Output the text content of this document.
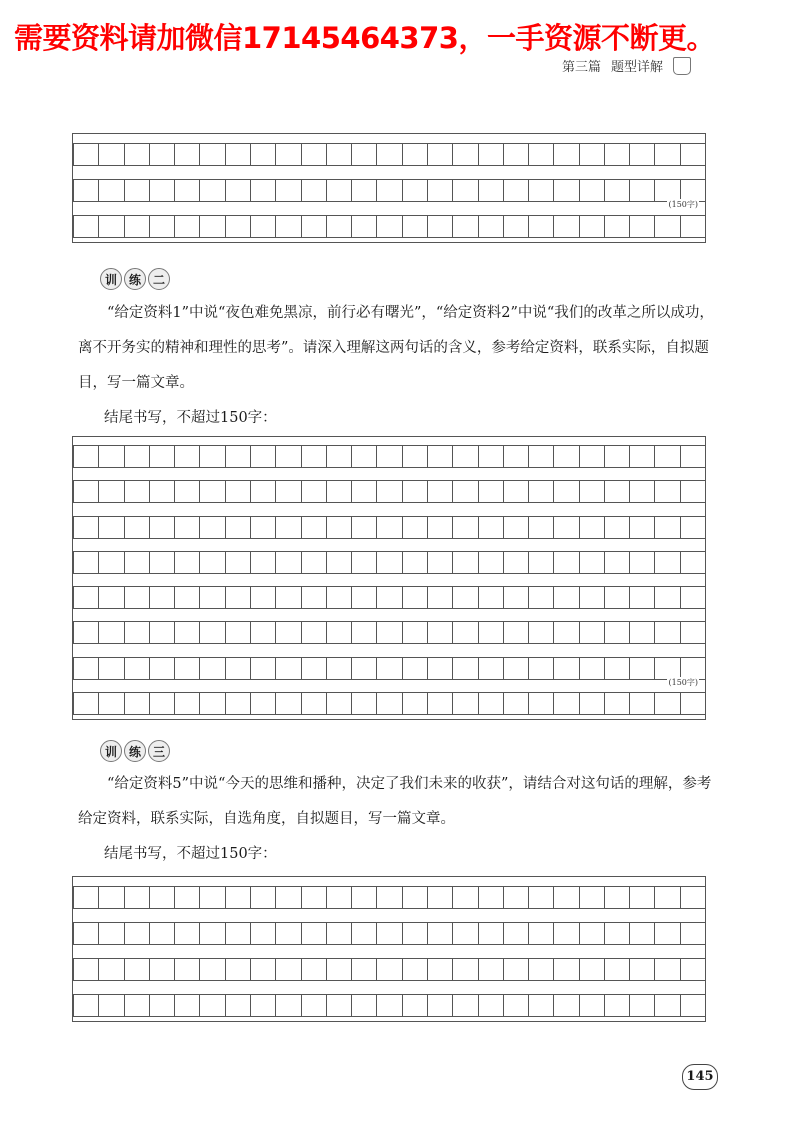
需要资料请加微信17145464373，一手资源不断更。
第三篇 题型详解
(150字)
训 练 二
“给定资料1”中说“夜色难免黑凉，前行必有曙光”，“给定资料2”中说“我们的改革之所以成功，离不开务实的精神和理性的思考”。请深入理解这两句话的含义，参考给定资料，联系实际，自拟题目，写一篇文章。
结尾书写，不超过150字：
(150字)
训 练 三
“给定资料5”中说“今天的思维和播种，决定了我们未来的收获”，请结合对这句话的理解，参考给定资料，联系实际，自选角度，自拟题目，写一篇文章。
结尾书写，不超过150字：
145
